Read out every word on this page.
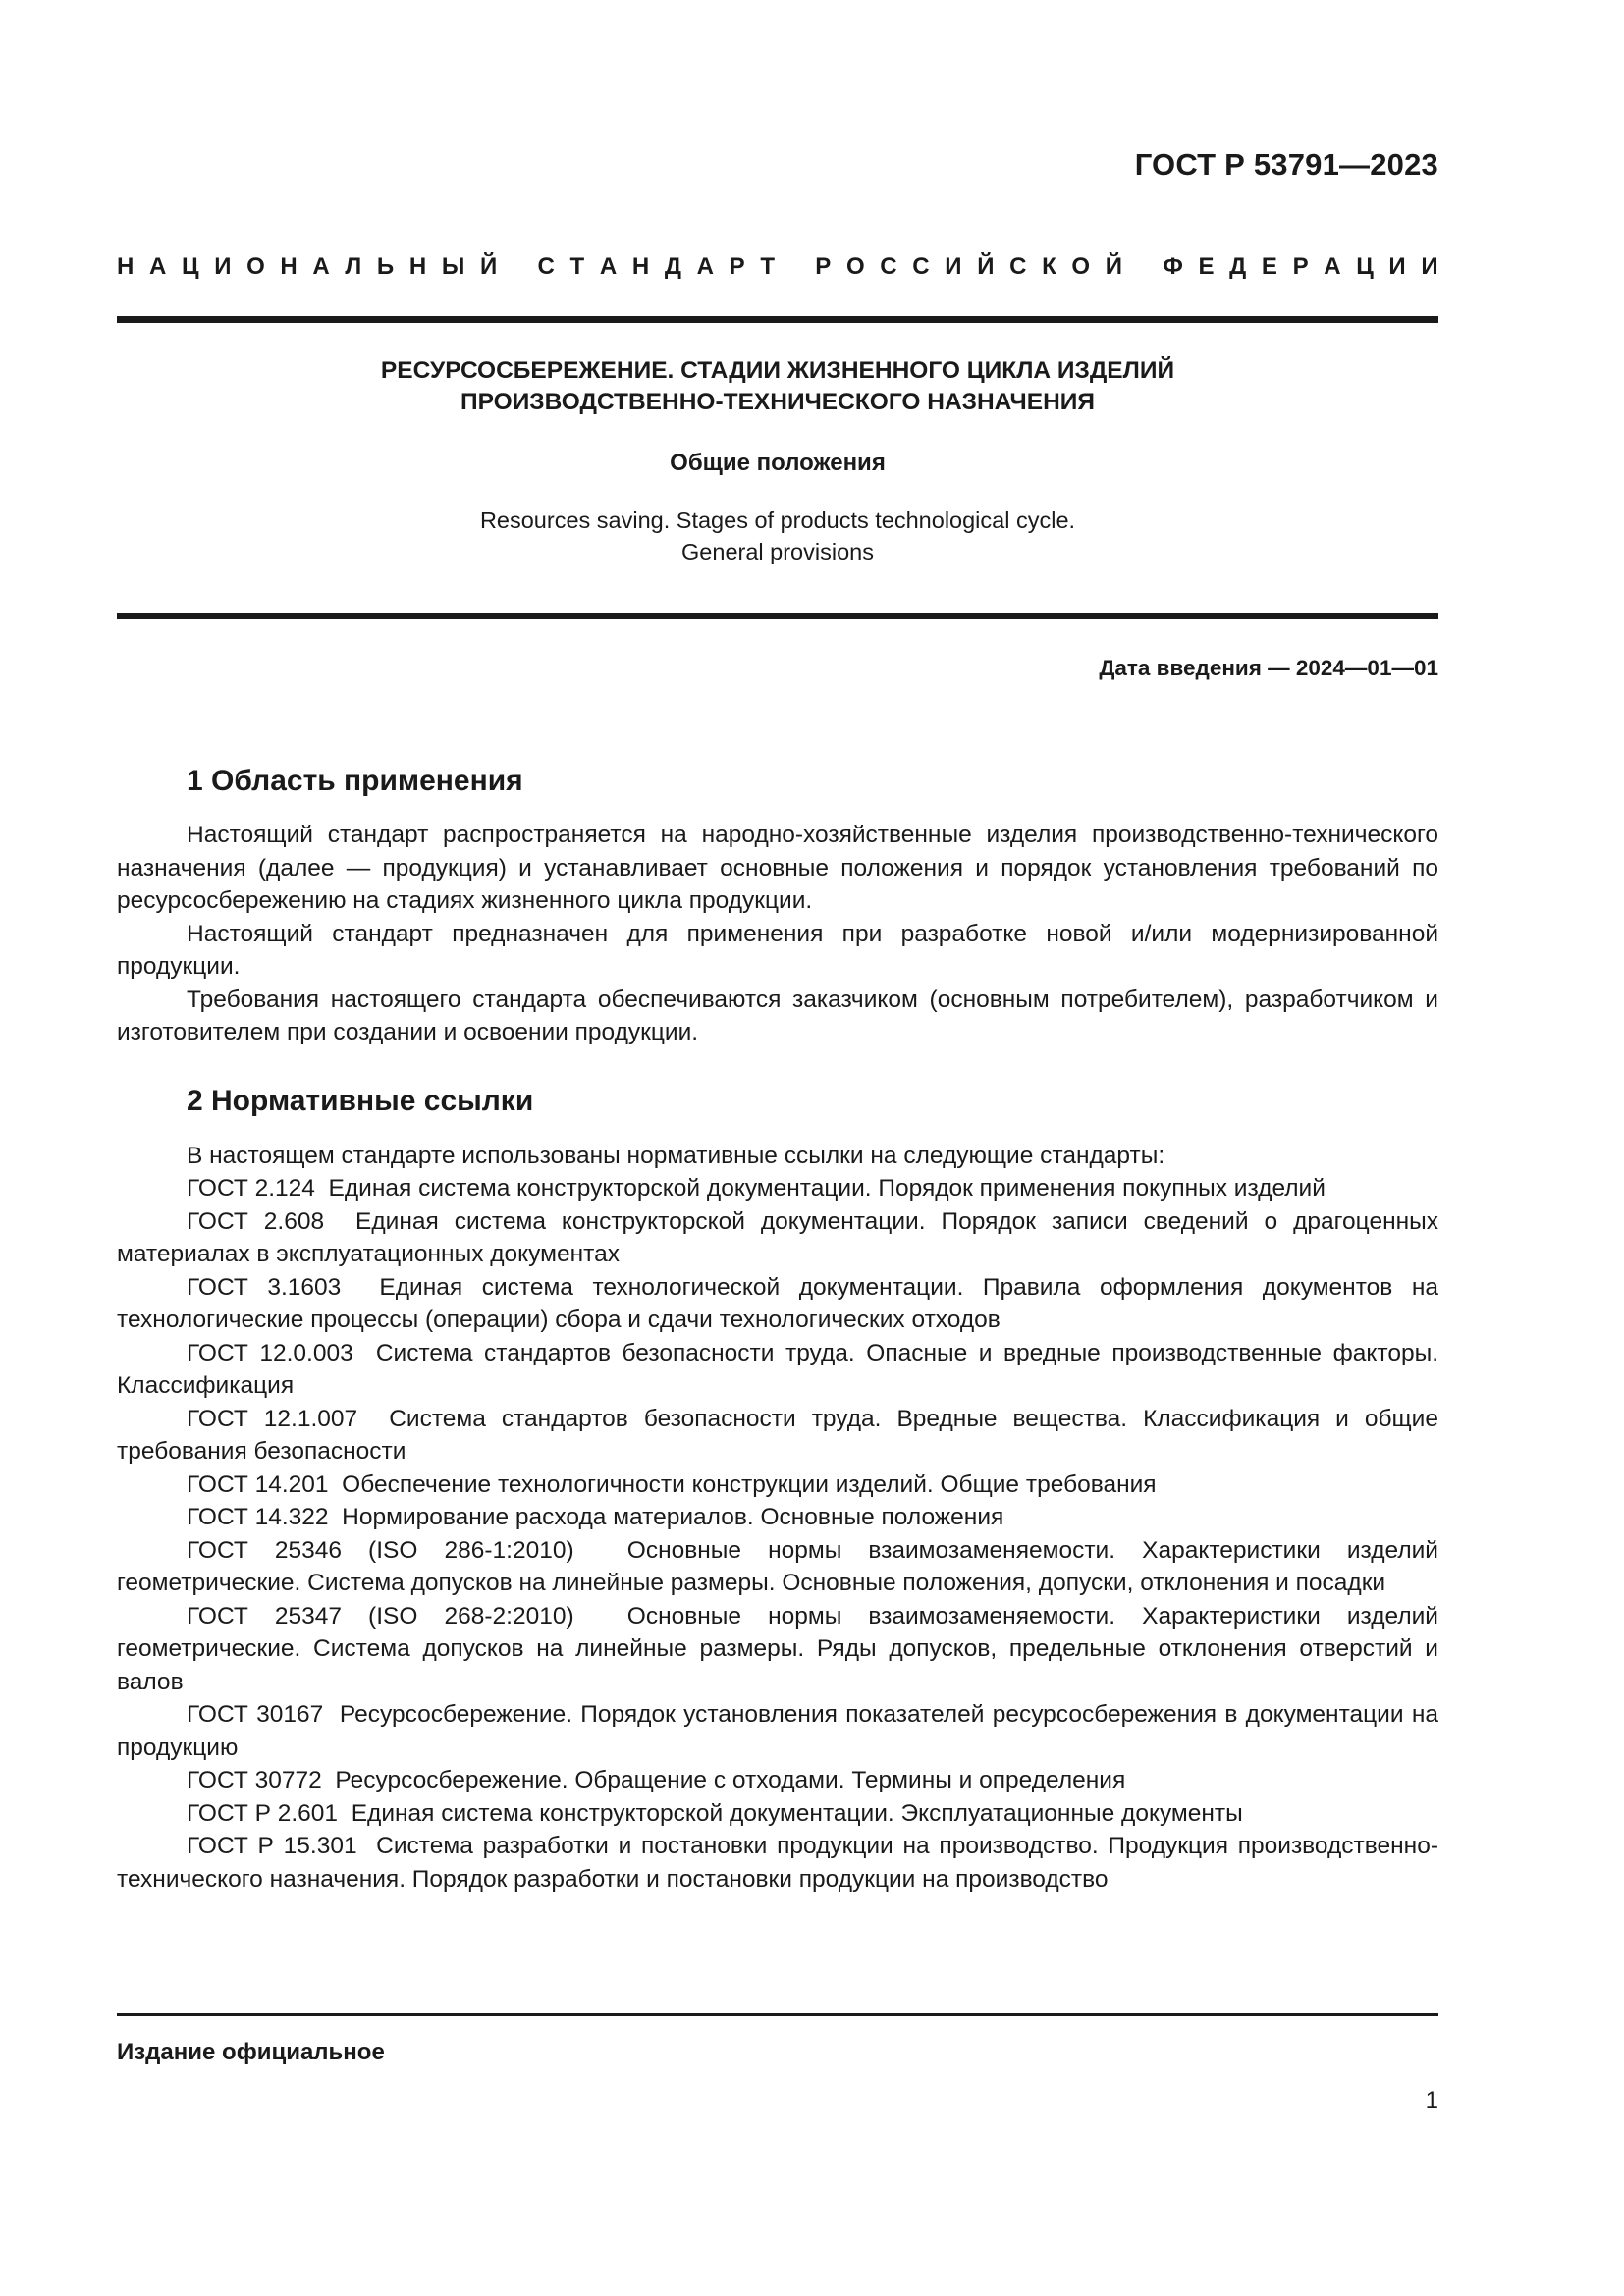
ГОСТ Р 53791—2023
Н А Ц И О Н А Л Ь Н Ы Й С Т А Н Д А Р Т Р О С С И Й С К О Й Ф Е Д Е Р А Ц И И

РЕСУРСОСБЕРЕЖЕНИЕ. СТАДИИ ЖИЗНЕННОГО ЦИКЛА ИЗДЕЛИЙ

ПРОИЗВОДСТВЕННО-ТЕХНИЧЕСКОГО НАЗНАЧЕНИЯ

Общие положения

Resources saving. Stages of products technological cycle.

General provisions

Дата введения — 2024—01—01
1 Область применения

Настоящий стандарт распространяется на народно-хозяйственные изделия производственно-технического назначения (далее — продукция) и устанавливает основные положения и порядок установления требований по ресурсосбережению на стадиях жизненного цикла продукции.

Настоящий стандарт предназначен для применения при разработке новой и/или модернизированной продукции.

Требования настоящего стандарта обеспечиваются заказчиком (основным потребителем), разработчиком и изготовителем при создании и освоении продукции.

2 Нормативные ссылки

В настоящем стандарте использованы нормативные ссылки на следующие стандарты:

ГОСТ 2.124 Единая система конструкторской документации. Порядок применения покупных изделий

ГОСТ 2.608 Единая система конструкторской документации. Порядок записи сведений о драгоценных материалах в эксплуатационных документах

ГОСТ 3.1603 Единая система технологической документации. Правила оформления документов на технологические процессы (операции) сбора и сдачи технологических отходов

ГОСТ 12.0.003 Система стандартов безопасности труда. Опасные и вредные производственные факторы. Классификация

ГОСТ 12.1.007 Система стандартов безопасности труда. Вредные вещества. Классификация и общие требования безопасности

ГОСТ 14.201 Обеспечение технологичности конструкции изделий. Общие требования

ГОСТ 14.322 Нормирование расхода материалов. Основные положения

ГОСТ 25346 (ISO 286-1:2010) Основные нормы взаимозаменяемости. Характеристики изделий геометрические. Система допусков на линейные размеры. Основные положения, допуски, отклонения и посадки

ГОСТ 25347 (ISO 268-2:2010) Основные нормы взаимозаменяемости. Характеристики изделий геометрические. Система допусков на линейные размеры. Ряды допусков, предельные отклонения отверстий и валов

ГОСТ 30167 Ресурсосбережение. Порядок установления показателей ресурсосбережения в документации на продукцию

ГОСТ 30772 Ресурсосбережение. Обращение с отходами. Термины и определения

ГОСТ Р 2.601 Единая система конструкторской документации. Эксплуатационные документы

ГОСТ Р 15.301 Система разработки и постановки продукции на производство. Продукция производственно-технического назначения. Порядок разработки и постановки продукции на производство

Издание официальное
1
